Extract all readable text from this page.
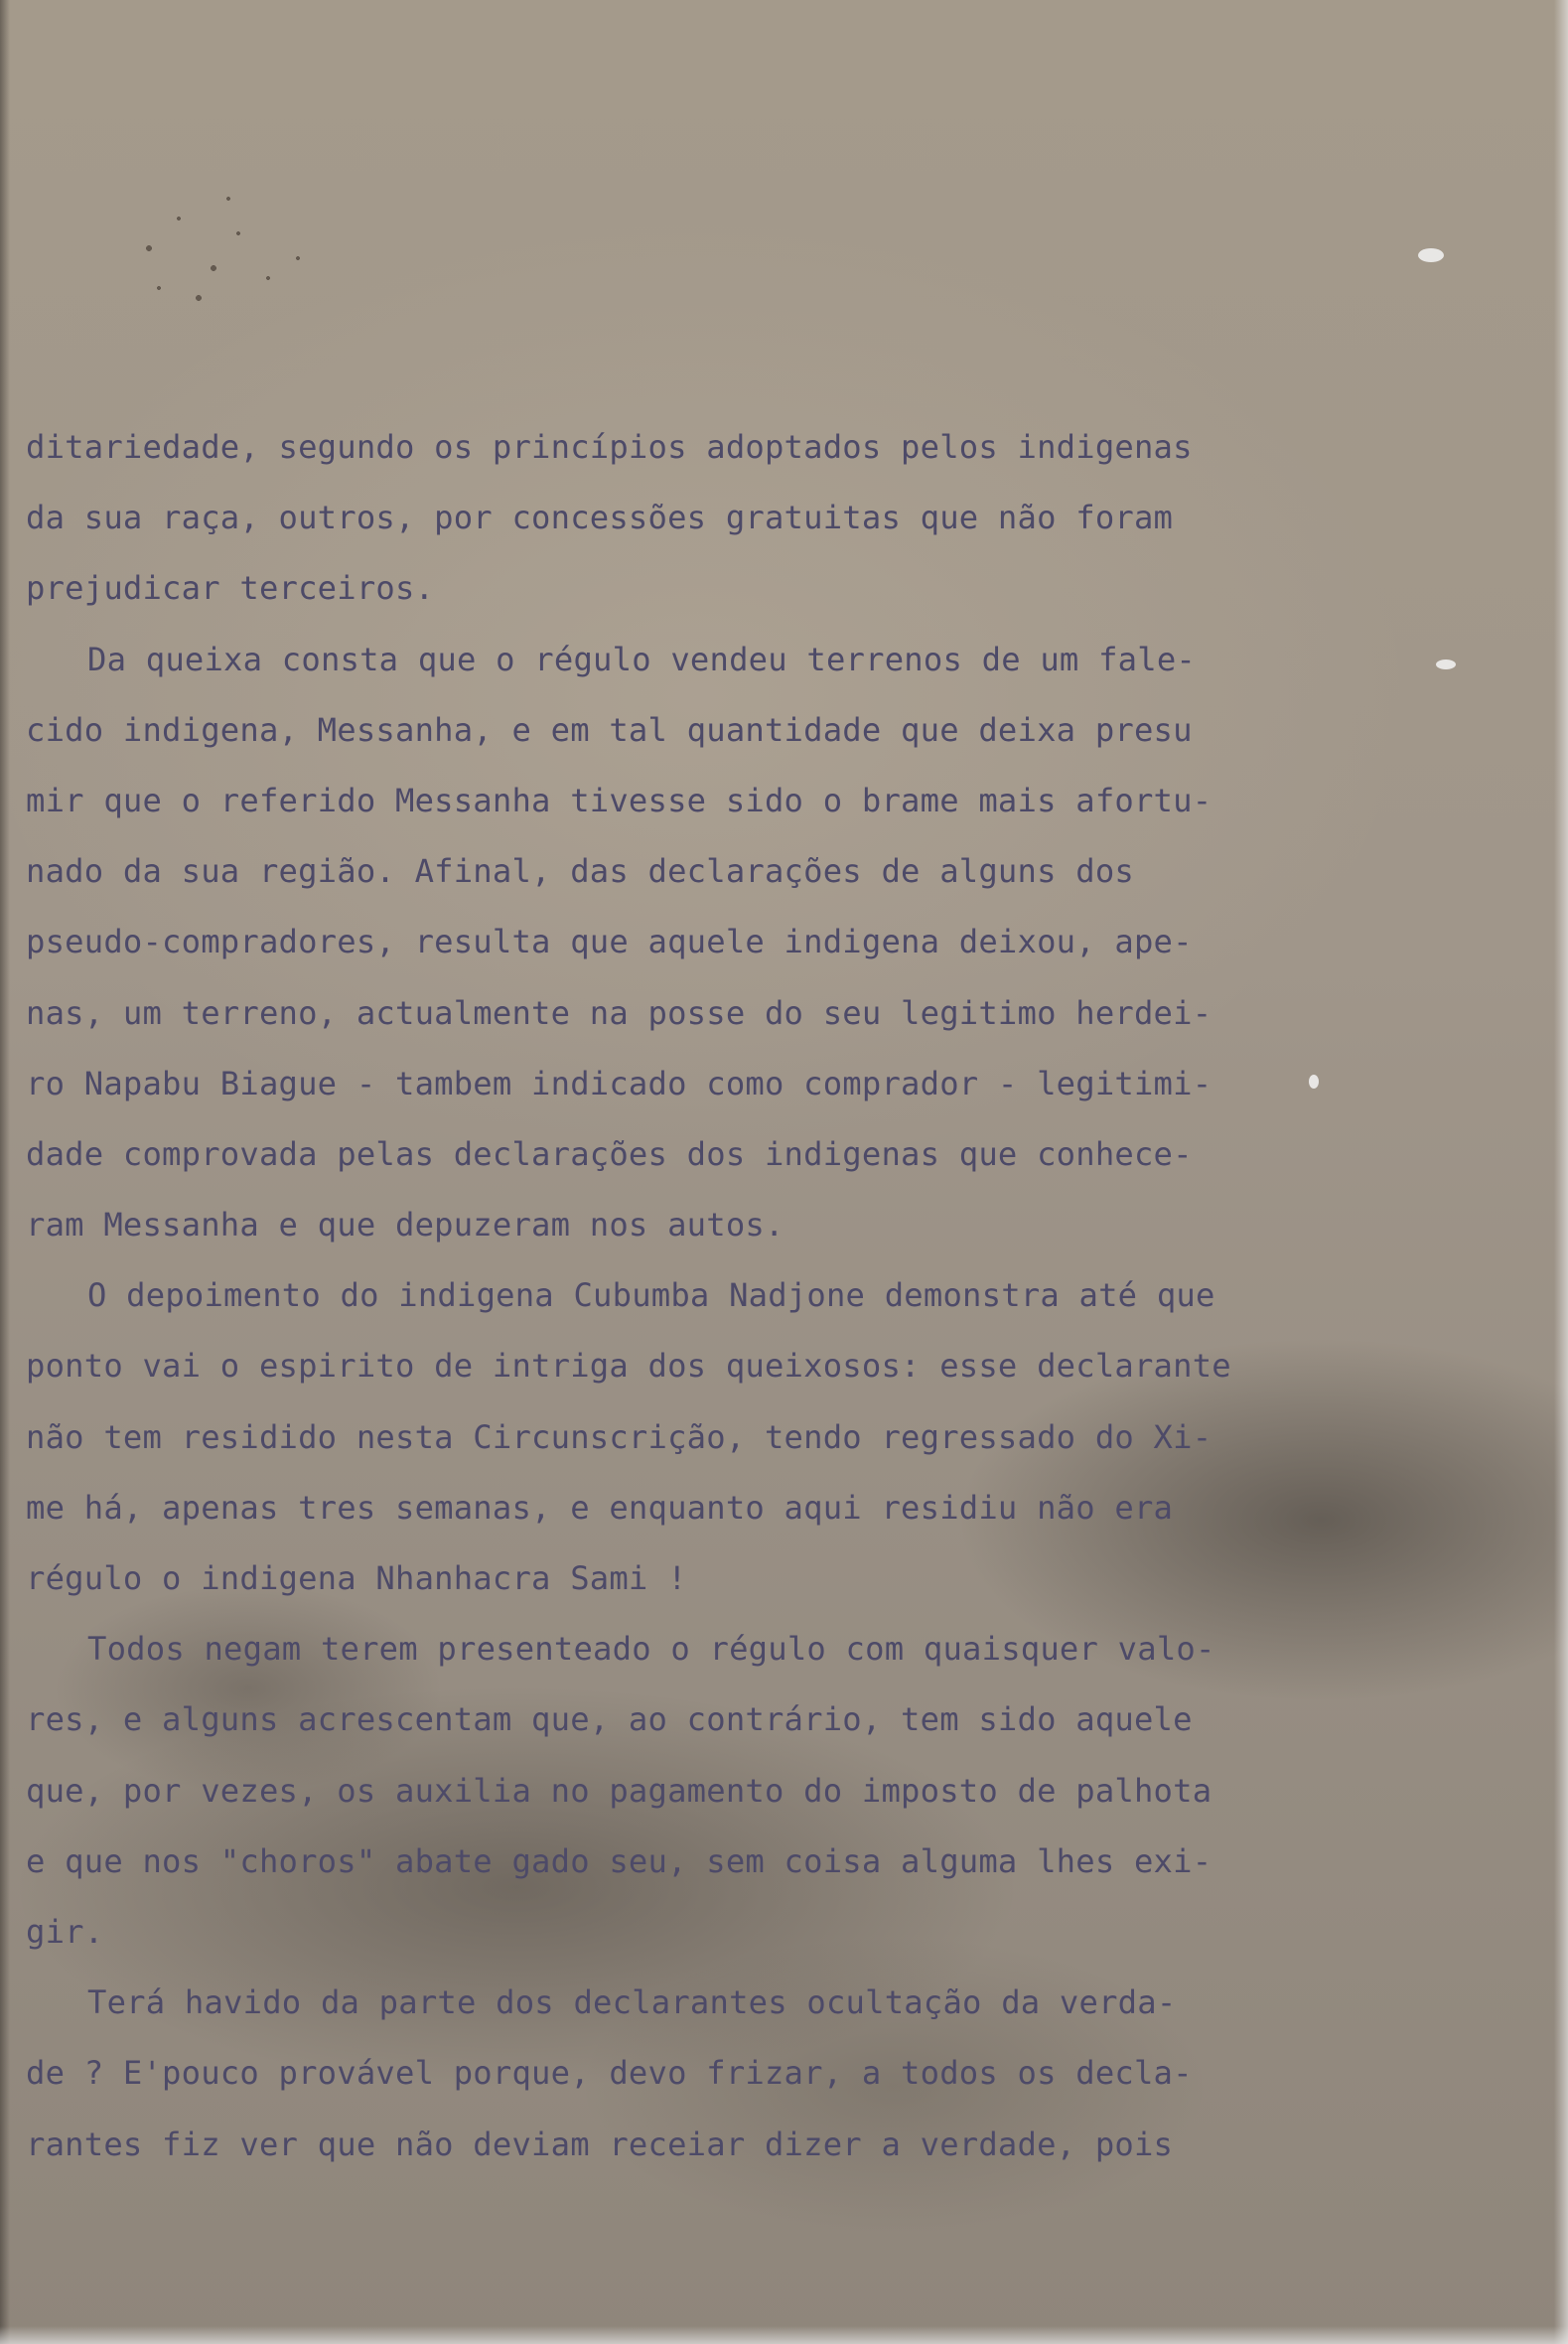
ditariedade, segundo os princípios adoptados pelos indigenas
da sua raça, outros, por concessões gratuitas que não foram
prejudicar terceiros.
Da queixa consta que o régulo vendeu terrenos de um fale-
cido indigena, Messanha, e em tal quantidade que deixa presu
mir que o referido Messanha tivesse sido o brame mais afortu-
nado da sua região. Afinal, das declarações de alguns dos
pseudo-compradores, resulta que aquele indigena deixou, ape-
nas, um terreno, actualmente na posse do seu legitimo herdei-
ro Napabu Biague - tambem indicado como comprador - legitimi-
dade comprovada pelas declarações dos indigenas que conhece-
ram Messanha e que depuzeram nos autos.
O depoimento do indigena Cubumba Nadjone demonstra até que
ponto vai o espirito de intriga dos queixosos: esse declarante
não tem residido nesta Circunscrição, tendo regressado do Xi-
me há, apenas tres semanas, e enquanto aqui residiu não era
régulo o indigena Nhanhacra Sami !
Todos negam terem presenteado o régulo com quaisquer valo-
res, e alguns acrescentam que, ao contrário, tem sido aquele
que, por vezes, os auxilia no pagamento do imposto de palhota
e que nos "choros" abate gado seu, sem coisa alguma lhes exi-
gir.
Terá havido da parte dos declarantes ocultação da verda-
de ? E'pouco provável porque, devo frizar, a todos os decla-
rantes fiz ver que não deviam receiar dizer a verdade, pois
